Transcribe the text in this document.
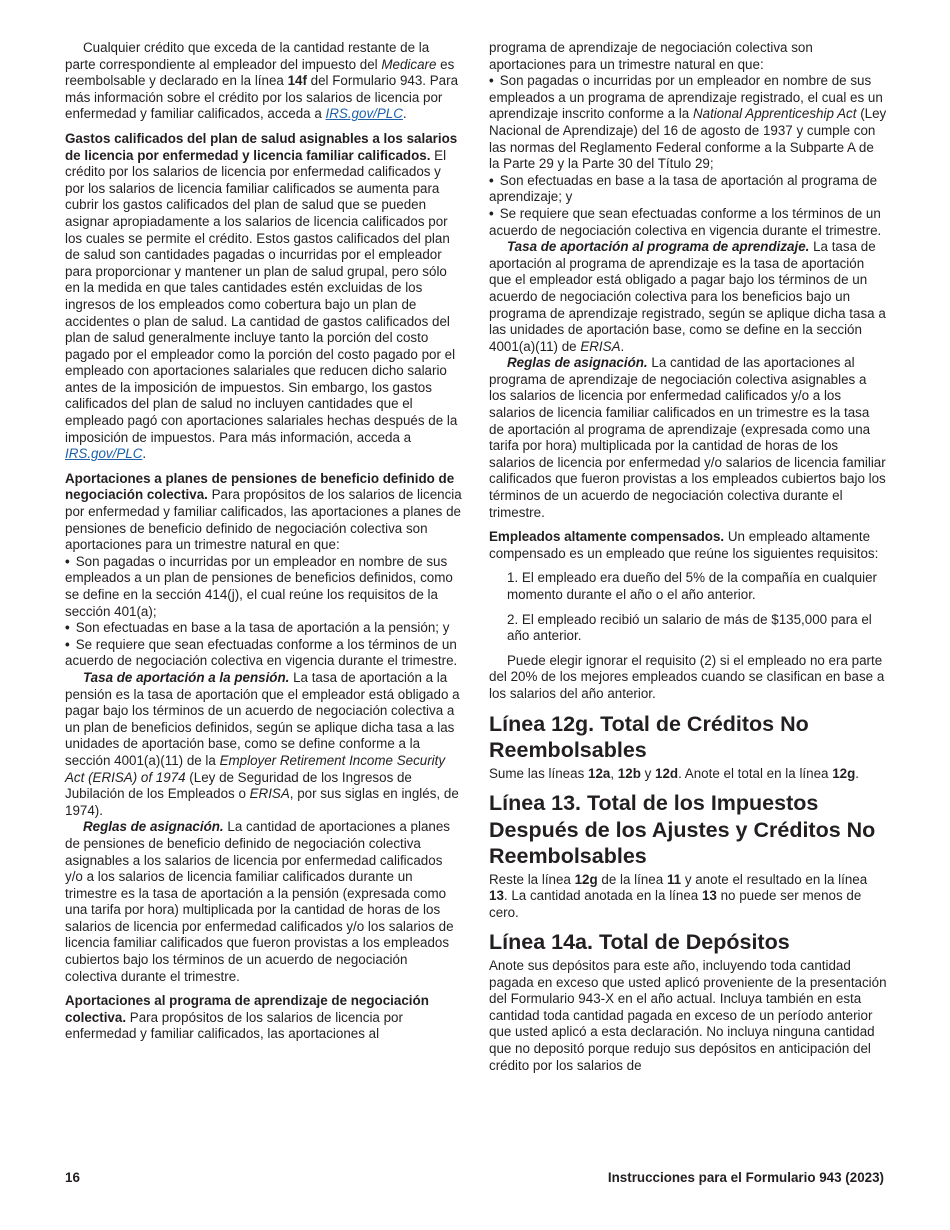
Cualquier crédito que exceda de la cantidad restante de la parte correspondiente al empleador del impuesto del Medicare es reembolsable y declarado en la línea 14f del Formulario 943. Para más información sobre el crédito por los salarios de licencia por enfermedad y familiar calificados, acceda a IRS.gov/PLC.

Gastos calificados del plan de salud asignables a los salarios de licencia por enfermedad y licencia familiar calificados. El crédito por los salarios de licencia por enfermedad calificados y por los salarios de licencia familiar calificados se aumenta para cubrir los gastos calificados del plan de salud que se pueden asignar apropiadamente a los salarios de licencia calificados por los cuales se permite el crédito. Estos gastos calificados del plan de salud son cantidades pagadas o incurridas por el empleador para proporcionar y mantener un plan de salud grupal, pero sólo en la medida en que tales cantidades estén excluidas de los ingresos de los empleados como cobertura bajo un plan de accidentes o plan de salud. La cantidad de gastos calificados del plan de salud generalmente incluye tanto la porción del costo pagado por el empleador como la porción del costo pagado por el empleado con aportaciones salariales que reducen dicho salario antes de la imposición de impuestos. Sin embargo, los gastos calificados del plan de salud no incluyen cantidades que el empleado pagó con aportaciones salariales hechas después de la imposición de impuestos. Para más información, acceda a IRS.gov/PLC.

Aportaciones a planes de pensiones de beneficio definido de negociación colectiva. Para propósitos de los salarios de licencia por enfermedad y familiar calificados, las aportaciones a planes de pensiones de beneficio definido de negociación colectiva son aportaciones para un trimestre natural en que:

• Son pagadas o incurridas por un empleador en nombre de sus empleados a un plan de pensiones de beneficios definidos, como se define en la sección 414(j), el cual reúne los requisitos de la sección 401(a);

• Son efectuadas en base a la tasa de aportación a la pensión; y

• Se requiere que sean efectuadas conforme a los términos de un acuerdo de negociación colectiva en vigencia durante el trimestre.

Tasa de aportación a la pensión. La tasa de aportación a la pensión es la tasa de aportación que el empleador está obligado a pagar bajo los términos de un acuerdo de negociación colectiva a un plan de beneficios definidos, según se aplique dicha tasa a las unidades de aportación base, como se define conforme a la sección 4001(a)(11) de la Employer Retirement Income Security Act (ERISA) of 1974 (Ley de Seguridad de los Ingresos de Jubilación de los Empleados o ERISA, por sus siglas en inglés, de 1974).

Reglas de asignación. La cantidad de aportaciones a planes de pensiones de beneficio definido de negociación colectiva asignables a los salarios de licencia por enfermedad calificados y/o a los salarios de licencia familiar calificados durante un trimestre es la tasa de aportación a la pensión (expresada como una tarifa por hora) multiplicada por la cantidad de horas de los salarios de licencia por enfermedad calificados y/o los salarios de licencia familiar calificados que fueron provistas a los empleados cubiertos bajo los términos de un acuerdo de negociación colectiva durante el trimestre.

Aportaciones al programa de aprendizaje de negociación colectiva. Para propósitos de los salarios de licencia por enfermedad y familiar calificados, las aportaciones al

programa de aprendizaje de negociación colectiva son aportaciones para un trimestre natural en que:

• Son pagadas o incurridas por un empleador en nombre de sus empleados a un programa de aprendizaje registrado, el cual es un aprendizaje inscrito conforme a la National Apprenticeship Act (Ley Nacional de Aprendizaje) del 16 de agosto de 1937 y cumple con las normas del Reglamento Federal conforme a la Subparte A de la Parte 29 y la Parte 30 del Título 29;

• Son efectuadas en base a la tasa de aportación al programa de aprendizaje; y

• Se requiere que sean efectuadas conforme a los términos de un acuerdo de negociación colectiva en vigencia durante el trimestre.

Tasa de aportación al programa de aprendizaje. La tasa de aportación al programa de aprendizaje es la tasa de aportación que el empleador está obligado a pagar bajo los términos de un acuerdo de negociación colectiva para los beneficios bajo un programa de aprendizaje registrado, según se aplique dicha tasa a las unidades de aportación base, como se define en la sección 4001(a)(11) de ERISA.

Reglas de asignación. La cantidad de las aportaciones al programa de aprendizaje de negociación colectiva asignables a los salarios de licencia por enfermedad calificados y/o a los salarios de licencia familiar calificados en un trimestre es la tasa de aportación al programa de aprendizaje (expresada como una tarifa por hora) multiplicada por la cantidad de horas de los salarios de licencia por enfermedad y/o salarios de licencia familiar calificados que fueron provistas a los empleados cubiertos bajo los términos de un acuerdo de negociación colectiva durante el trimestre.

Empleados altamente compensados. Un empleado altamente compensado es un empleado que reúne los siguientes requisitos:

1. El empleado era dueño del 5% de la compañía en cualquier momento durante el año o el año anterior.

2. El empleado recibió un salario de más de $135,000 para el año anterior.

Puede elegir ignorar el requisito (2) si el empleado no era parte del 20% de los mejores empleados cuando se clasifican en base a los salarios del año anterior.

Línea 12g. Total de Créditos No Reembolsables

Sume las líneas 12a, 12b y 12d. Anote el total en la línea 12g.

Línea 13. Total de los Impuestos Después de los Ajustes y Créditos No Reembolsables

Reste la línea 12g de la línea 11 y anote el resultado en la línea 13. La cantidad anotada en la línea 13 no puede ser menos de cero.

Línea 14a. Total de Depósitos

Anote sus depósitos para este año, incluyendo toda cantidad pagada en exceso que usted aplicó proveniente de la presentación del Formulario 943-X en el año actual. Incluya también en esta cantidad toda cantidad pagada en exceso de un período anterior que usted aplicó a esta declaración. No incluya ninguna cantidad que no depositó porque redujo sus depósitos en anticipación del crédito por los salarios de

16	Instrucciones para el Formulario 943 (2023)
